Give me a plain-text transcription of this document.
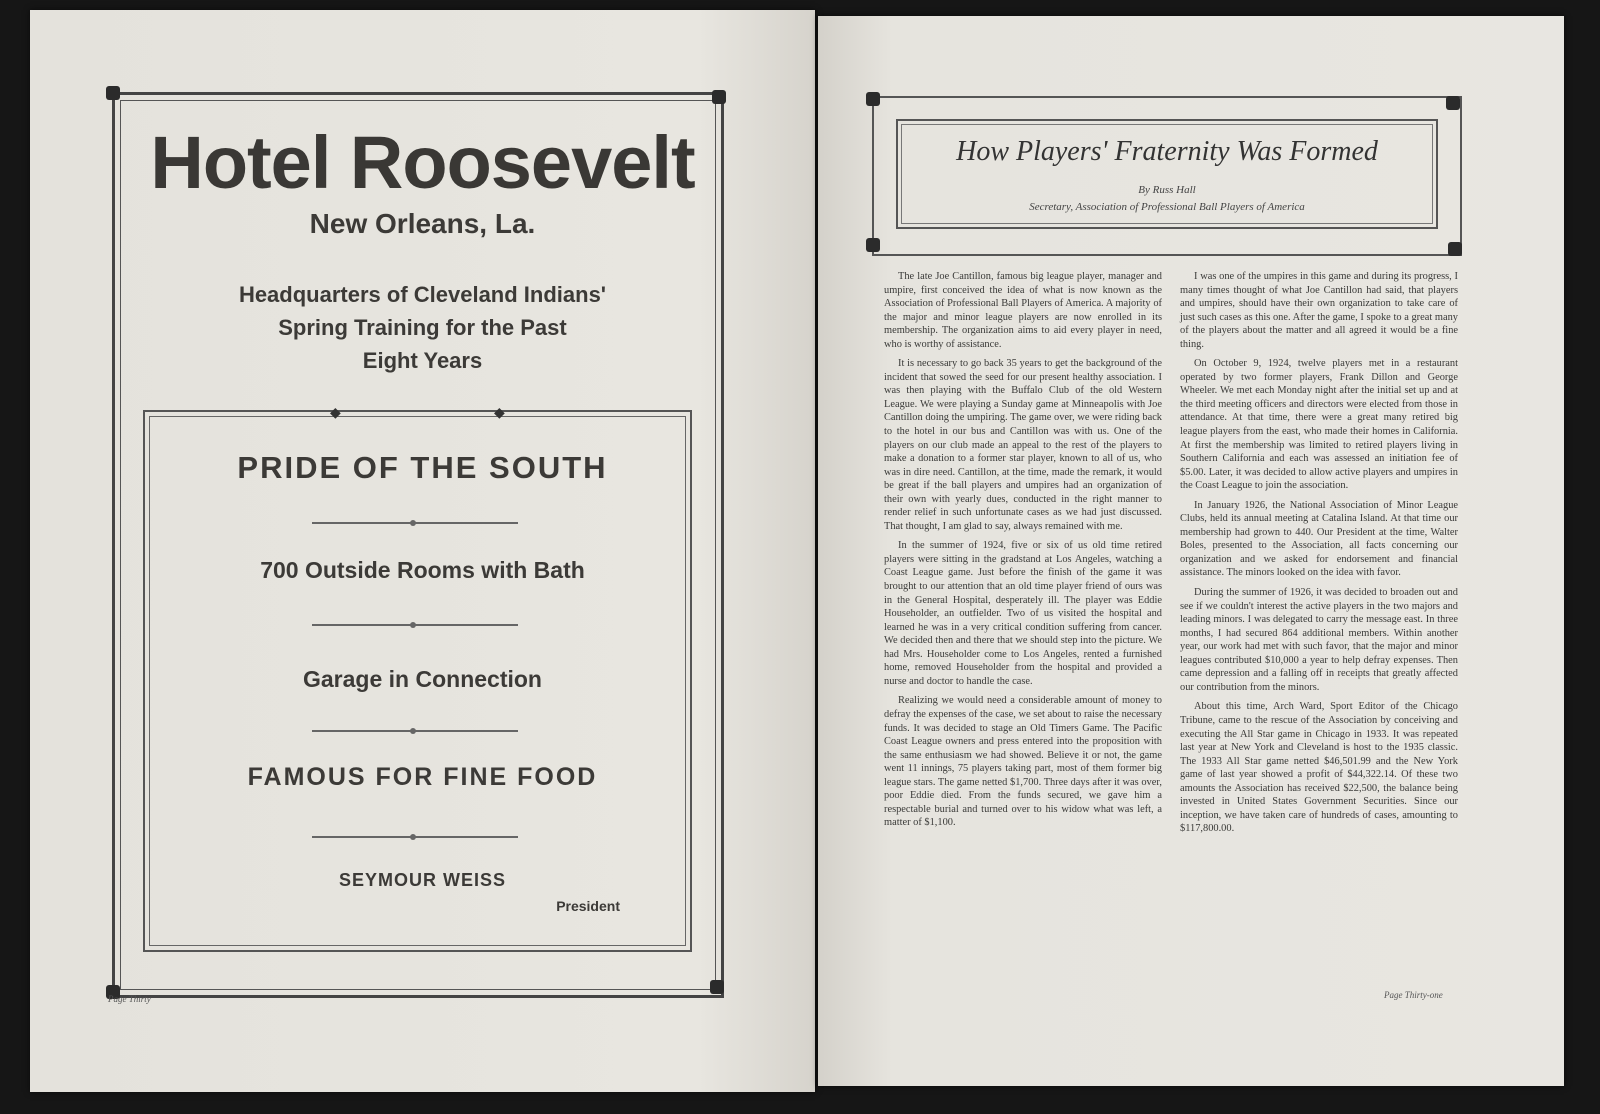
Hotel Roosevelt
New Orleans, La.
Headquarters of Cleveland Indians'
Spring Training for the Past
Eight Years
◆	◆
PRIDE OF THE SOUTH
700 Outside Rooms with Bath
Garage in Connection
FAMOUS FOR FINE FOOD
SEYMOUR WEISS
President
Page Thirty
How Players' Fraternity Was Formed
By Russ Hall
Secretary, Association of Professional Ball Players of America

The late Joe Cantillon, famous big league player, manager and umpire, first conceived the idea of what is now known as the Association of Professional Ball Players of America. A majority of the major and minor league players are now enrolled in its membership. The organization aims to aid every player in need, who is worthy of assistance.

It is necessary to go back 35 years to get the background of the incident that sowed the seed for our present healthy association. I was then playing with the Buffalo Club of the old Western League. We were playing a Sunday game at Minneapolis with Joe Cantillon doing the umpiring. The game over, we were riding back to the hotel in our bus and Cantillon was with us. One of the players on our club made an appeal to the rest of the players to make a donation to a former star player, known to all of us, who was in dire need. Cantillon, at the time, made the remark, it would be great if the ball players and umpires had an organization of their own with yearly dues, conducted in the right manner to render relief in such unfortunate cases as we had just discussed. That thought, I am glad to say, always remained with me.

In the summer of 1924, five or six of us old time retired players were sitting in the gradstand at Los Angeles, watching a Coast League game. Just before the finish of the game it was brought to our attention that an old time player friend of ours was in the General Hospital, desperately ill. The player was Eddie Householder, an outfielder. Two of us visited the hospital and learned he was in a very critical condition suffering from cancer. We decided then and there that we should step into the picture. We had Mrs. Householder come to Los Angeles, rented a furnished home, removed Householder from the hospital and provided a nurse and doctor to handle the case.

Realizing we would need a considerable amount of money to defray the expenses of the case, we set about to raise the necessary funds. It was decided to stage an Old Timers Game. The Pacific Coast League owners and press entered into the proposition with the same enthusiasm we had showed. Believe it or not, the game went 11 innings, 75 players taking part, most of them former big league stars. The game netted $1,700. Three days after it was over, poor Eddie died. From the funds secured, we gave him a respectable burial and turned over to his widow what was left, a matter of $1,100.

I was one of the umpires in this game and during its progress, I many times thought of what Joe Cantillon had said, that players and umpires, should have their own organization to take care of just such cases as this one. After the game, I spoke to a great many of the players about the matter and all agreed it would be a fine thing.

On October 9, 1924, twelve players met in a restaurant operated by two former players, Frank Dillon and George Wheeler. We met each Monday night after the initial set up and at the third meeting officers and directors were elected from those in attendance. At that time, there were a great many retired big league players from the east, who made their homes in California. At first the membership was limited to retired players living in Southern California and each was assessed an initiation fee of $5.00. Later, it was decided to allow active players and umpires in the Coast League to join the association.

In January 1926, the National Association of Minor League Clubs, held its annual meeting at Catalina Island. At that time our membership had grown to 440. Our President at the time, Walter Boles, presented to the Association, all facts concerning our organization and we asked for endorsement and financial assistance. The minors looked on the idea with favor.

During the summer of 1926, it was decided to broaden out and see if we couldn't interest the active players in the two majors and leading minors. I was delegated to carry the message east. In three months, I had secured 864 additional members. Within another year, our work had met with such favor, that the major and minor leagues contributed $10,000 a year to help defray expenses. Then came depression and a falling off in receipts that greatly affected our contribution from the minors.

About this time, Arch Ward, Sport Editor of the Chicago Tribune, came to the rescue of the Association by conceiving and executing the All Star game in Chicago in 1933. It was repeated last year at New York and Cleveland is host to the 1935 classic. The 1933 All Star game netted $46,501.99 and the New York game of last year showed a profit of $44,322.14. Of these two amounts the Association has received $22,500, the balance being invested in United States Government Securities. Since our inception, we have taken care of hundreds of cases, amounting to $117,800.00.

Page Thirty-one
